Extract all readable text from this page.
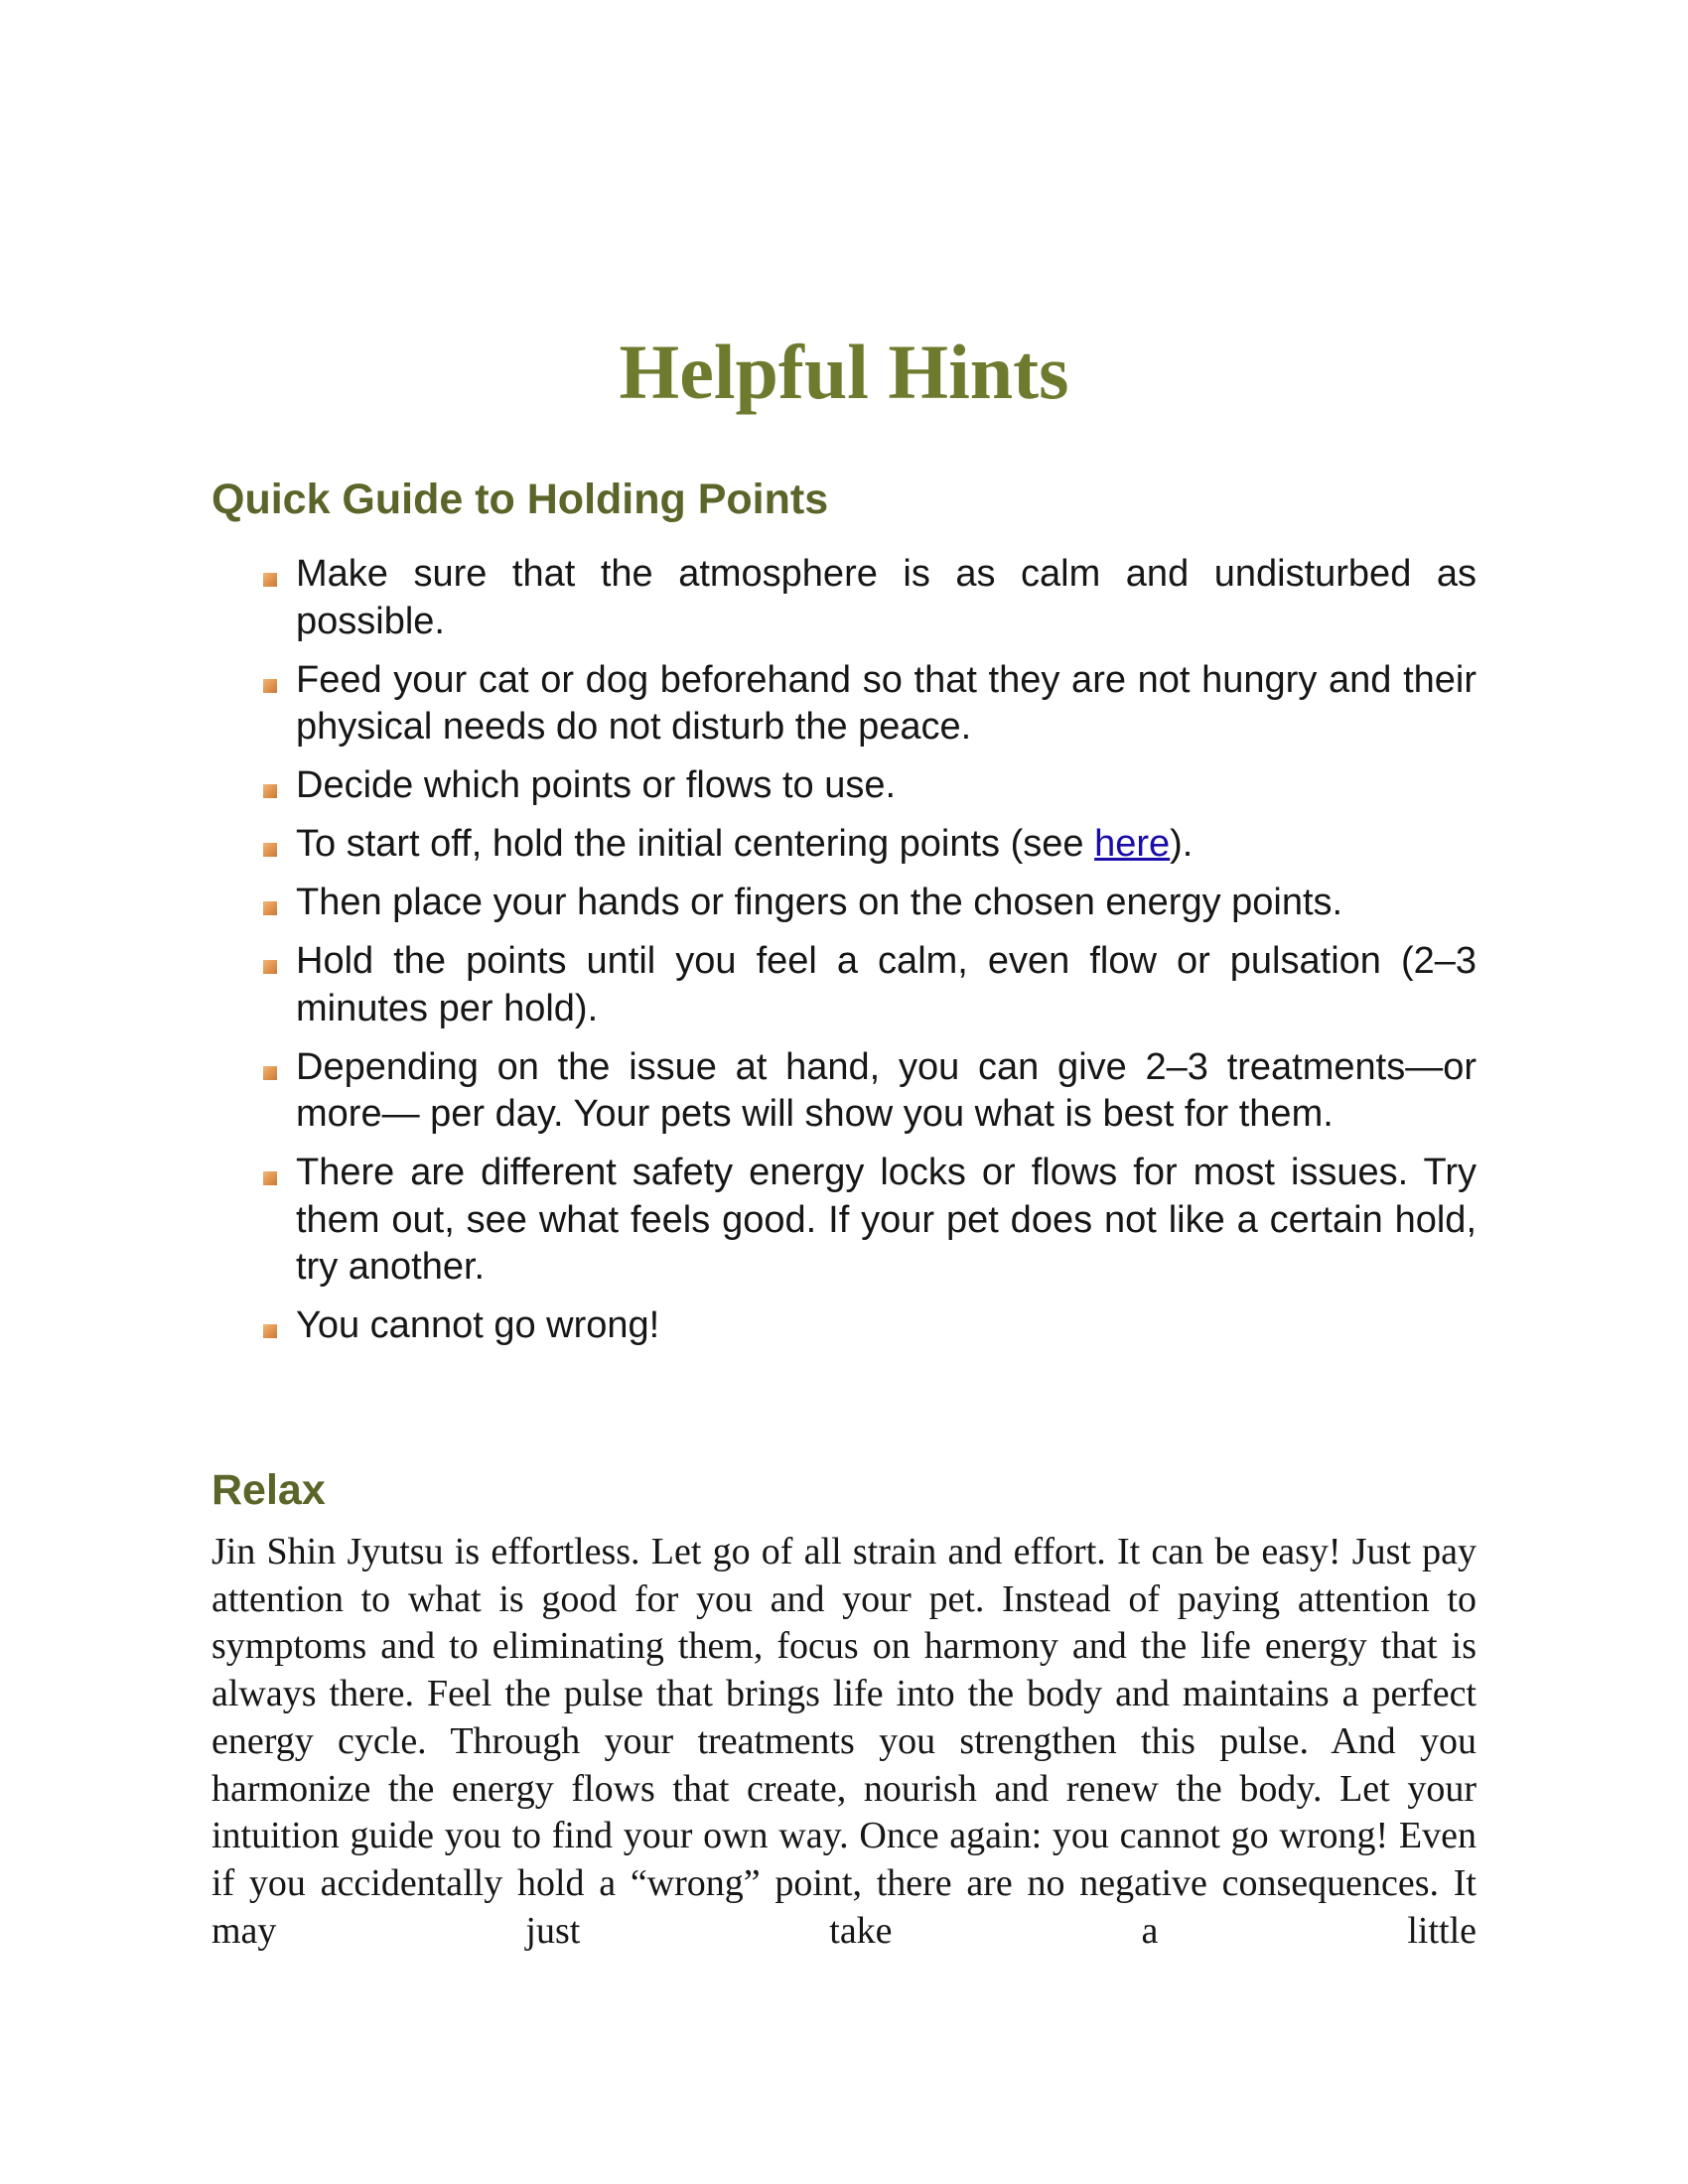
Helpful Hints
Quick Guide to Holding Points
Make sure that the atmosphere is as calm and undisturbed as possible.
Feed your cat or dog beforehand so that they are not hungry and their physical needs do not disturb the peace.
Decide which points or flows to use.
To start off, hold the initial centering points (see here).
Then place your hands or fingers on the chosen energy points.
Hold the points until you feel a calm, even flow or pulsation (2–3 minutes per hold).
Depending on the issue at hand, you can give 2–3 treatments—or more— per day. Your pets will show you what is best for them.
There are different safety energy locks or flows for most issues. Try them out, see what feels good. If your pet does not like a certain hold, try another.
You cannot go wrong!
Relax

Jin Shin Jyutsu is effortless. Let go of all strain and effort. It can be easy! Just pay attention to what is good for you and your pet. Instead of paying attention to symptoms and to eliminating them, focus on harmony and the life energy that is always there. Feel the pulse that brings life into the body and maintains a perfect energy cycle. Through your treatments you strengthen this pulse. And you harmonize the energy flows that create, nourish and renew the body. Let your intuition guide you to find your own way. Once again: you cannot go wrong! Even if you accidentally hold a “wrong” point, there are no negative consequences. It may just take a little
